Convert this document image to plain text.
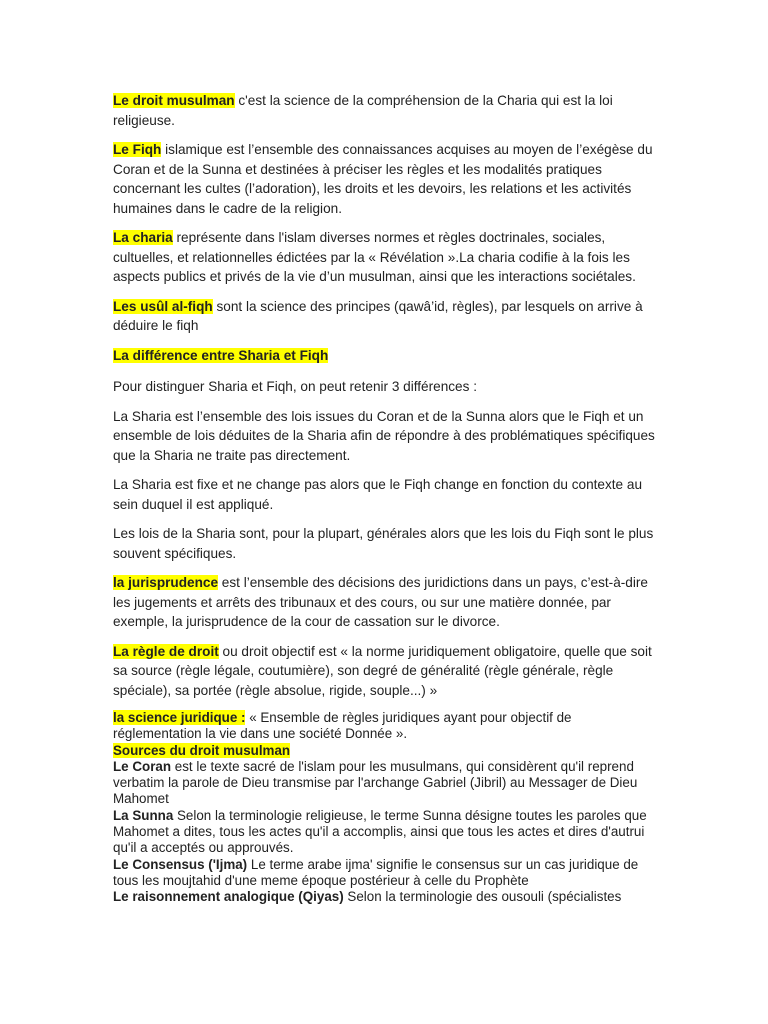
Le droit musulman c'est la science de la compréhension de la Charia qui est la loi religieuse.

Le Fiqh islamique est l’ensemble des connaissances acquises au moyen de l’exégèse du Coran et de la Sunna et destinées à préciser les règles et les modalités pratiques concernant les cultes (l’adoration), les droits et les devoirs, les relations et les activités humaines dans le cadre de la religion.

La charia représente dans l'islam diverses normes et règles doctrinales, sociales, cultuelles, et relationnelles édictées par la « Révélation ».La charia codifie à la fois les aspects publics et privés de la vie d’un musulman, ainsi que les interactions sociétales.

Les usûl al-fiqh sont la science des principes (qawâ’id, règles), par lesquels on arrive à déduire le fiqh

La différence entre Sharia et Fiqh

Pour distinguer Sharia et Fiqh, on peut retenir 3 différences :

La Sharia est l’ensemble des lois issues du Coran et de la Sunna alors que le Fiqh et un ensemble de lois déduites de la Sharia afin de répondre à des problématiques spécifiques que la Sharia ne traite pas directement.

La Sharia est fixe et ne change pas alors que le Fiqh change en fonction du contexte au sein duquel il est appliqué.

Les lois de la Sharia sont, pour la plupart, générales alors que les lois du Fiqh sont le plus souvent spécifiques.

la jurisprudence est l’ensemble des décisions des juridictions dans un pays, c’est-à-dire les jugements et arrêts des tribunaux et des cours, ou sur une matière donnée, par exemple, la jurisprudence de la cour de cassation sur le divorce.

La règle de droit ou droit objectif est « la norme juridiquement obligatoire, quelle que soit sa source (règle légale, coutumière), son degré de généralité (règle générale, règle spéciale), sa portée (règle absolue, rigide, souple...) »

la science juridique : « Ensemble de règles juridiques ayant pour objectif de réglementation la vie dans une société Donnée ».

Sources du droit musulman

Le Coran est le texte sacré de l'islam pour les musulmans, qui considèrent qu'il reprend verbatim la parole de Dieu transmise par l'archange Gabriel (Jibril) au Messager de Dieu Mahomet

La Sunna Selon la terminologie religieuse, le terme Sunna désigne toutes les paroles que Mahomet a dites, tous les actes qu'il a accomplis, ainsi que tous les actes et dires d'autrui qu'il a acceptés ou approuvés.

Le Consensus ('Ijma) Le terme arabe ijma' signifie le consensus sur un cas juridique de tous les moujtahid d'une meme époque postérieur à celle du Prophète

Le raisonnement analogique (Qiyas) Selon la terminologie des ousouli (spécialistes
